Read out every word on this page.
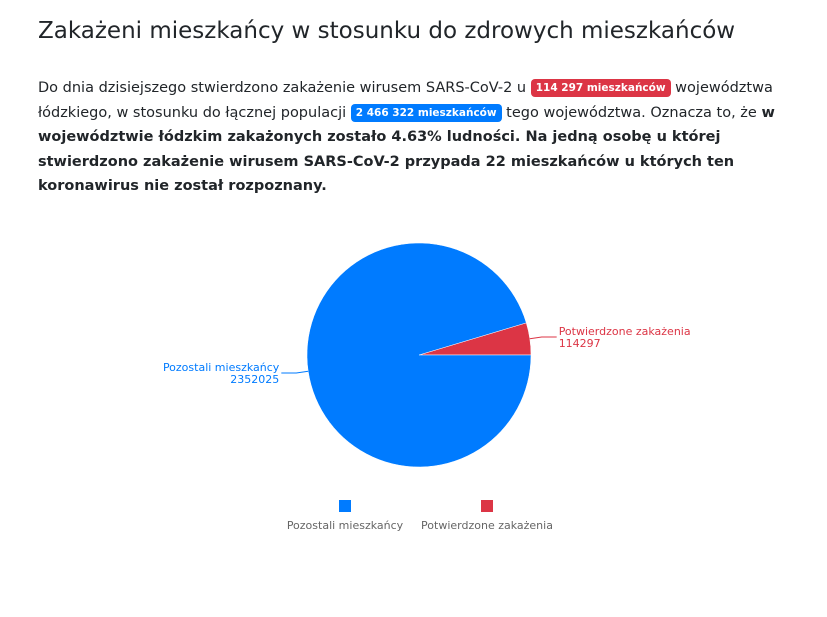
Zakażeni mieszkańcy w stosunku do zdrowych mieszkańców

Do dnia dzisiejszego stwierdzono zakażenie wirusem SARS-CoV-2 u 114 297 mieszkańców województwa łódzkiego, w stosunku do łącznej populacji 2 466 322 mieszkańców tego województwa. Oznacza to, że w województwie łódzkim zakażonych zostało 4.63% ludności. Na jedną osobę u której stwierdzono zakażenie wirusem SARS-CoV-2 przypada 22 mieszkańców u których ten koronawirus nie został rozpoznany.

Potwierdzone zakażenia
114297
Pozostali mieszkańcy
2352025
Pozostali mieszkańcy Potwierdzone zakażenia
